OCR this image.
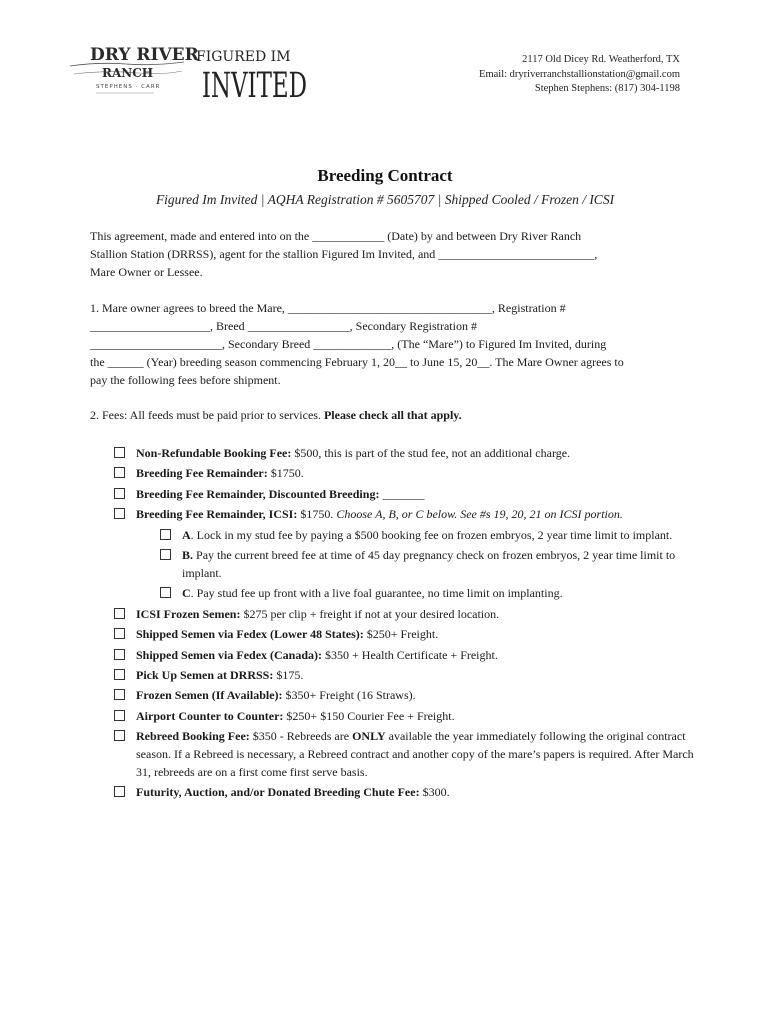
DRY RIVER
RANCH
STEPHENS · CARR
FIGURED IM
INVITED
2117 Old Dicey Rd. Weatherford, TX
Email: dryriverranchstallionstation@gmail.com
Stephen Stephens: (817) 304-1198
Breeding Contract
Figured Im Invited | AQHA Registration # 5605707 | Shipped Cooled / Frozen / ICSI
This agreement, made and entered into on the ____________ (Date) by and between Dry River Ranch
Stallion Station (DRRSS), agent for the stallion Figured Im Invited, and __________________________,
Mare Owner or Lessee.
1. Mare owner agrees to breed the Mare, __________________________________, Registration #
____________________, Breed _________________, Secondary Registration #
______________________, Secondary Breed _____________, (The “Mare”) to Figured Im Invited, during
the ______ (Year) breeding season commencing February 1, 20__ to June 15, 20__. The Mare Owner agrees to
pay the following fees before shipment.
2. Fees: All feeds must be paid prior to services. Please check all that apply.
Non-Refundable Booking Fee: $500, this is part of the stud fee, not an additional charge.
Breeding Fee Remainder: $1750.
Breeding Fee Remainder, Discounted Breeding: _______
Breeding Fee Remainder, ICSI: $1750. Choose A, B, or C below. See #s 19, 20, 21 on ICSI portion.
A. Lock in my stud fee by paying a $500 booking fee on frozen embryos, 2 year time limit to implant.
B. Pay the current breed fee at time of 45 day pregnancy check on frozen embryos, 2 year time limit to implant.
C. Pay stud fee up front with a live foal guarantee, no time limit on implanting.
ICSI Frozen Semen: $275 per clip + freight if not at your desired location.
Shipped Semen via Fedex (Lower 48 States): $250+ Freight.
Shipped Semen via Fedex (Canada): $350 + Health Certificate + Freight.
Pick Up Semen at DRRSS: $175.
Frozen Semen (If Available): $350+ Freight (16 Straws).
Airport Counter to Counter: $250+ $150 Courier Fee + Freight.
Rebreed Booking Fee: $350 - Rebreeds are ONLY available the year immediately following the original contract season. If a Rebreed is necessary, a Rebreed contract and another copy of the mare’s papers is required. After March 31, rebreeds are on a first come first serve basis.
Futurity, Auction, and/or Donated Breeding Chute Fee: $300.
